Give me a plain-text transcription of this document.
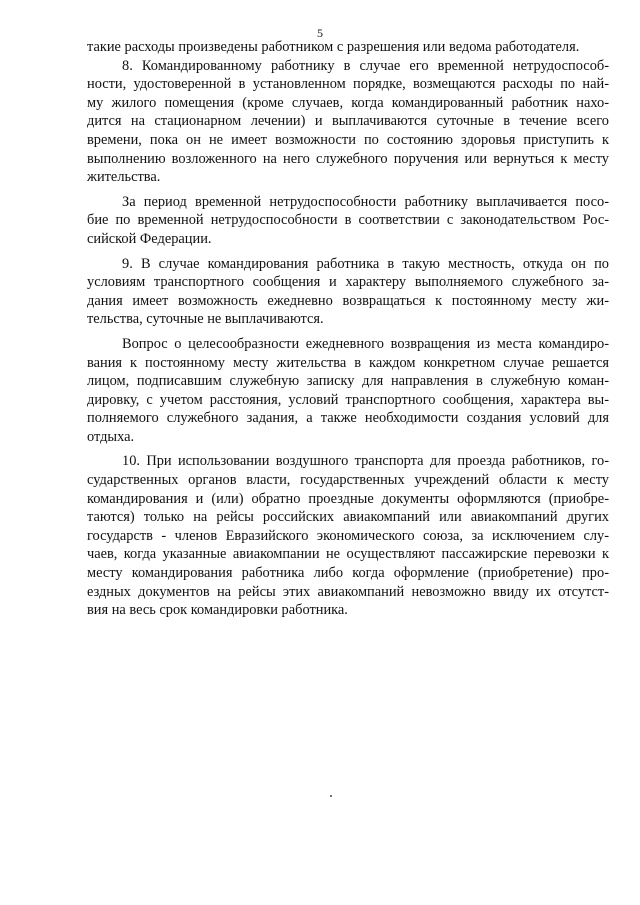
5
такие расходы произведены работником с разрешения или ведома работодателя.
8. Командированному работнику в случае его временной нетрудоспособ-
ности, удостоверенной в установленном порядке, возмещаются расходы по най-
му жилого помещения (кроме случаев, когда командированный работник нахо-
дится на стационарном лечении) и выплачиваются суточные в течение всего
времени, пока он не имеет возможности по состоянию здоровья приступить к
выполнению возложенного на него служебного поручения или вернуться к месту
жительства.
За период временной нетрудоспособности работнику выплачивается посо-
бие по временной нетрудоспособности в соответствии с законодательством Рос-
сийской Федерации.
9. В случае командирования работника в такую местность, откуда он по
условиям транспортного сообщения и характеру выполняемого служебного за-
дания имеет возможность ежедневно возвращаться к постоянному месту жи-
тельства, суточные не выплачиваются.
Вопрос о целесообразности ежедневного возвращения из места командиро-
вания к постоянному месту жительства в каждом конкретном случае решается
лицом, подписавшим служебную записку для направления в служебную коман-
дировку, с учетом расстояния, условий транспортного сообщения, характера вы-
полняемого служебного задания, а также необходимости создания условий для
отдыха.
10. При использовании воздушного транспорта для проезда работников, го-
сударственных органов власти, государственных учреждений области к месту
командирования и (или) обратно проездные документы оформляются (приобре-
таются) только на рейсы российских авиакомпаний или авиакомпаний других
государств - членов Евразийского экономического союза, за исключением слу-
чаев, когда указанные авиакомпании не осуществляют пассажирские перевозки к
месту командирования работника либо когда оформление (приобретение) про-
ездных документов на рейсы этих авиакомпаний невозможно ввиду их отсутст-
вия на весь срок командировки работника.
